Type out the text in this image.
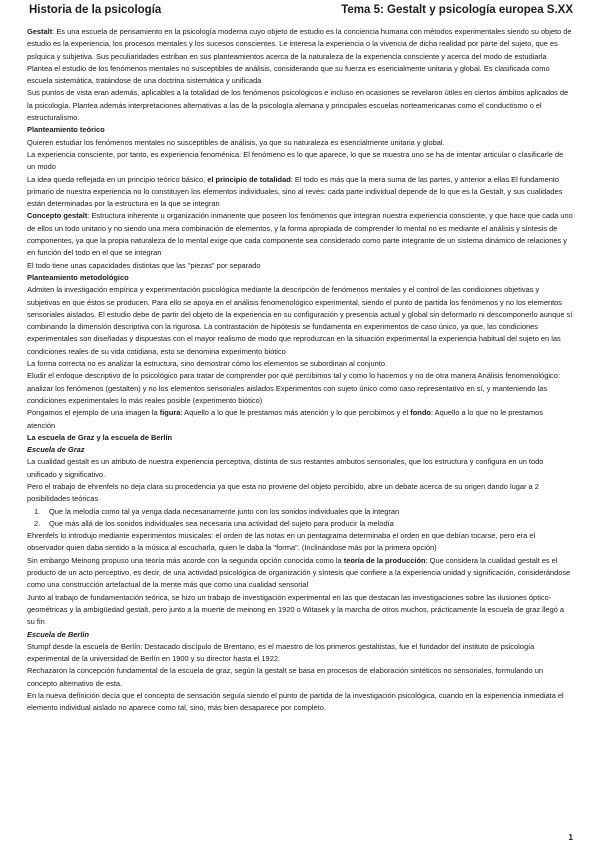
Historia de la psicología	Tema 5: Gestalt y psicología europea S.XX

Gestalt: Es una escuela de pensamiento en la psicología moderna cuyo objeto de estudio es la conciencia humana con métodos experimentales siendo su objeto de estudio es la experiencia, los procesos mentales y los sucesos conscientes. Le interesa la experiencia o la vivencia de dicha realidad por parte del sujeto, que es psíquica y subjetiva. Sus peculiaridades estriban en sus planteamientos acerca de la naturaleza de la experiencia consciente y acerca del modo de estudiarla

Plantea el estudio de los fenómenos mentales no susceptibles de análisis, considerando que su fuerza es esencialmente unitaria y global. Es clasificada como escuela sistemática, tratándose de una doctrina sistemática y unificada

Sus puntos de vista eran además, aplicables a la totalidad de los fenómenos psicológicos e incluso en ocasiones se revelaron útiles en ciertos ámbitos aplicados de la psicología. Plantea además interpretaciones alternativas a las de la psicología alemana y principales escuelas norteamericanas como el conductismo o el estructuralismo.

Planteamiento teórico

Quieren estudiar los fenómenos mentales no susceptibles de análisis, ya que su naturaleza es esencialmente unitaria y global.

La experiencia consciente, por tanto, es experiencia fenoménica: El fenómeno es lo que aparece, lo que se muestra uno se ha de intentar articular o clasificarle de un modo

La idea queda reflejada en un principio teórico básico, el principio de totalidad: El todo es más que la mera suma de las partes, y anterior a ellas.El fundamento primario de nuestra experiencia no lo constituyen los elementos individuales, sino al revés: cada parte individual depende de lo que es la Gestalt, y sus cualidades están determinadas por la estructura en la que se integran

Concepto gestalt: Estructura inherente u organización inmanente que poseen los fenómenos que integran nuestra experiencia consciente, y que hace que cada uno de ellos un todo unitario y no siendo una mera combinación de elementos, y la forma apropiada de comprender lo mental no es mediante el análisis y síntesis de componentes, ya que la propia naturaleza de lo mental exige que cada componente sea considerado como parte integrante de un sistema dinámico de relaciones y en función del todo en el que se integran

El todo tiene unas capacidades distintas que las "piezas" por separado

Planteamiento metodológico

Admiten la investigación empírica y experimentación psicológica mediante la descripción de fenómenos mentales y el control de las condiciones objetivas y subjetivas en que éstos se producen. Para ello se apoya en el análisis fenomenológico experimental, siendo el punto de partida los fenómenos y no los elementos sensoriales aislados. El estudio debe de partir del objeto de la experiencia en su configuración y presencia actual y global sin deformarlo ni descomponerlo aunque sí combinando la dimensión descriptiva con la rigurosa. La contrastación de hipótesis se fundamenta en experimentos de caso único, ya que, las condiciones experimentales son diseñadas y dispuestas con el mayor realismo de modo que reproduzcan en la situación experimental la experiencia habitual del sujeto en las condiciones reales de su vida cotidiana, esto se denomina experimento biótico

La forma correcta no es analizar la estructura, sino demostrar cómo los elementos se subordinan al conjunto.

Eludir el enfoque descriptivo de lo psicológico para tratar de comprender por qué percibimos tal y como lo hacemos y no de otra manera Análisis fenomenológico: analizar los fenómenos (gestalten) y no los elementos sensoriales aislados Experimentos con sujeto único como caso representativo en sí, y manteniendo las condiciones experimentales lo más reales posible (experimento biótico)

Pongamos el ejemplo de una imagen la figura: Aquello a lo que le prestamos más atención y lo que percibimos y el fondo: Aquello a lo que no le prestamos atención

La escuela de Graz y la escuela de Berlín

Escuela de Graz

La cualidad gestalt es un atributo de nuestra experiencia perceptiva, distinta de sus restantes atributos sensoriales, que los estructura y configura en un todo unificado y significativo.

Pero el trabajo de ehrenfels no deja clara su procedencia ya que esta no proviene del objeto percibido, abre un debate acerca de su origen dando lugar a 2 posibilidades teóricas

1. Que la melodía como tal ya venga dada necesariamente junto con los sonidos individuales que la integran
2. Que más allá de los sonidos individuales sea necesaria una actividad del sujeto para producir la melodía

Ehrenfels lo introdujo mediante experimentos musicales: el orden de las notas en un pentagrama determinaba el orden en que debían tocarse, pero era el observador quien daba sentido a la música al escucharla, quien le daba la "forma". (Inclinándose más por la primera opción)

Sin embargo Meinong propuso una teoría más acorde con la segunda opción conocida como la teoría de la producción: Que considera la cualidad gestalt es el producto de un acto perceptivo, es decir, de una actividad psicológica de organización y síntesis que confiere a la experiencia unidad y significación, considerándose como una construcción artefactual de la mente más que como una cualidad sensorial

Junto al trabajo de fundamentación teórica, se hizo un trabajo de investigación experimental en las que destacan las investigaciones sobre las ilusiones óptico-geométricas y la ambigüedad gestalt, pero junto a la muerte de meinong en 1920 o Witasek y la marcha de otros muchos, prácticamente la escuela de graz llegó a su fin

Escuela de Berlín

Stumpf desde la escuela de Berlín: Destacado discípulo de Brentano, es el maestro de los primeros gestaltistas, fue el fundador del instituto de psicología experimental de la universidad de Berlín en 1900 y su director hasta el 1922.

Rechazaron la concepción fundamental de la escuela de graz, según la gestalt se basa en procesos de elaboración sintéticos no sensoriales, formulando un concepto alternativo de esta.

En la nueva definición decía que el concepto de sensación seguía siendo el punto de partida de la investigación psicológica, cuando en la experiencia inmediata el elemento individual aislado no aparece como tal, sino, más bien desaparece por completo.

1
